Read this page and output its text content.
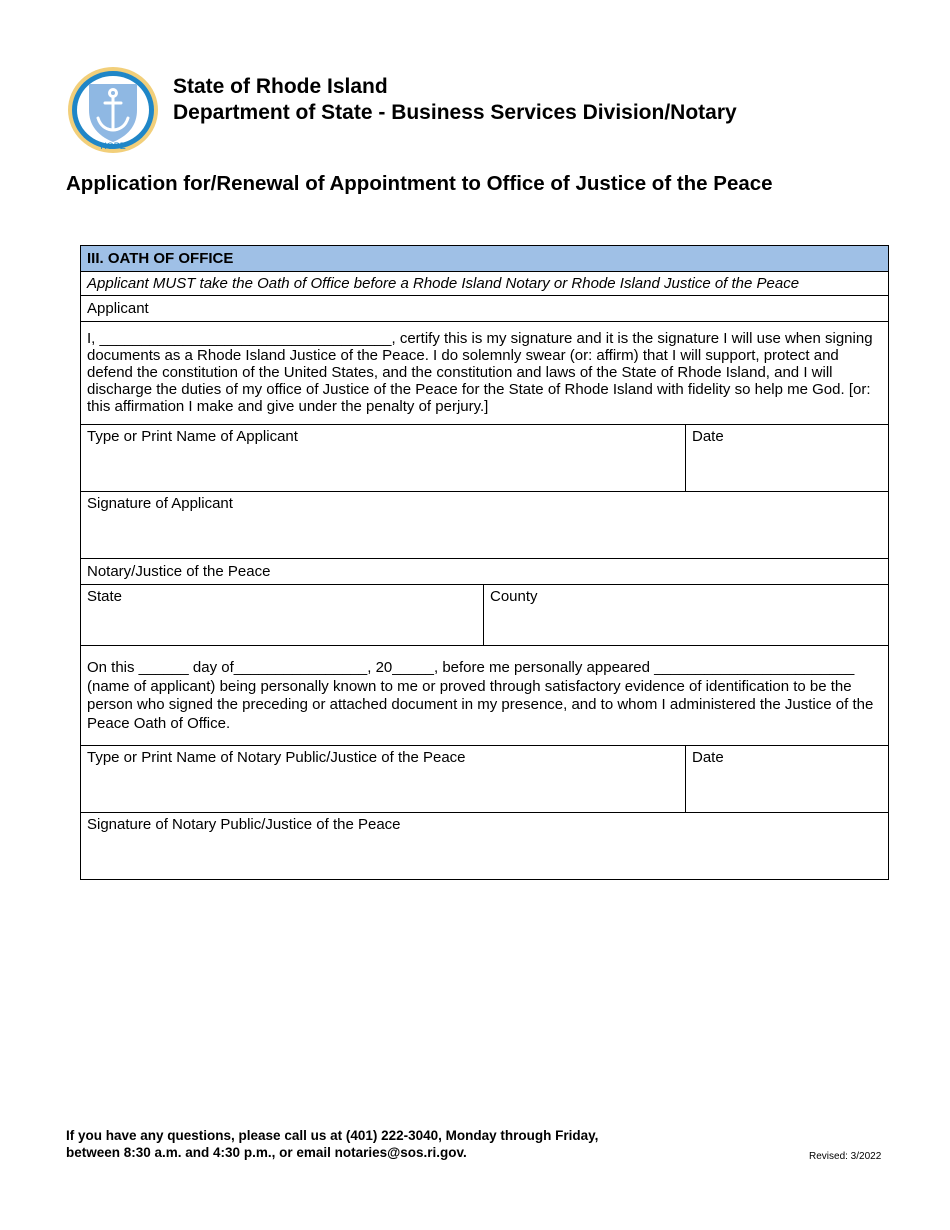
HOPE
State of Rhode Island
Department of State - Business Services Division/Notary
Application for/Renewal of Appointment to Office of Justice of the Peace
III. OATH OF OFFICE		
Applicant MUST take the Oath of Office before a Rhode Island Notary or Rhode Island Justice of the Peace		
Applicant		
I, ___________________________________, certify this is my signature and it is the signature I will use when signing documents as a Rhode Island Justice of the Peace. I do solemnly swear (or: affirm) that I will support, protect and defend the constitution of the United States, and the constitution and laws of the State of Rhode Island, and I will discharge the duties of my office of Justice of the Peace for the State of Rhode Island with fidelity so help me God. [or: this affirmation I make and give under the penalty of perjury.]		
Type or Print Name of Applicant		Date
Signature of Applicant		
Notary/Justice of the Peace		
State	County	
On this ______ day of________________, 20_____, before me personally appeared ________________________ (name of applicant) being personally known to me or proved through satisfactory evidence of identification to be the person who signed the preceding or attached document in my presence, and to whom I administered the Justice of the Peace Oath of Office.		
Type or Print Name of Notary Public/Justice of the Peace		Date
Signature of Notary Public/Justice of the Peace		
If you have any questions, please call us at (401) 222-3040, Monday through Friday,
between 8:30 a.m. and 4:30 p.m., or email notaries@sos.ri.gov.	Revised: 3/2022
